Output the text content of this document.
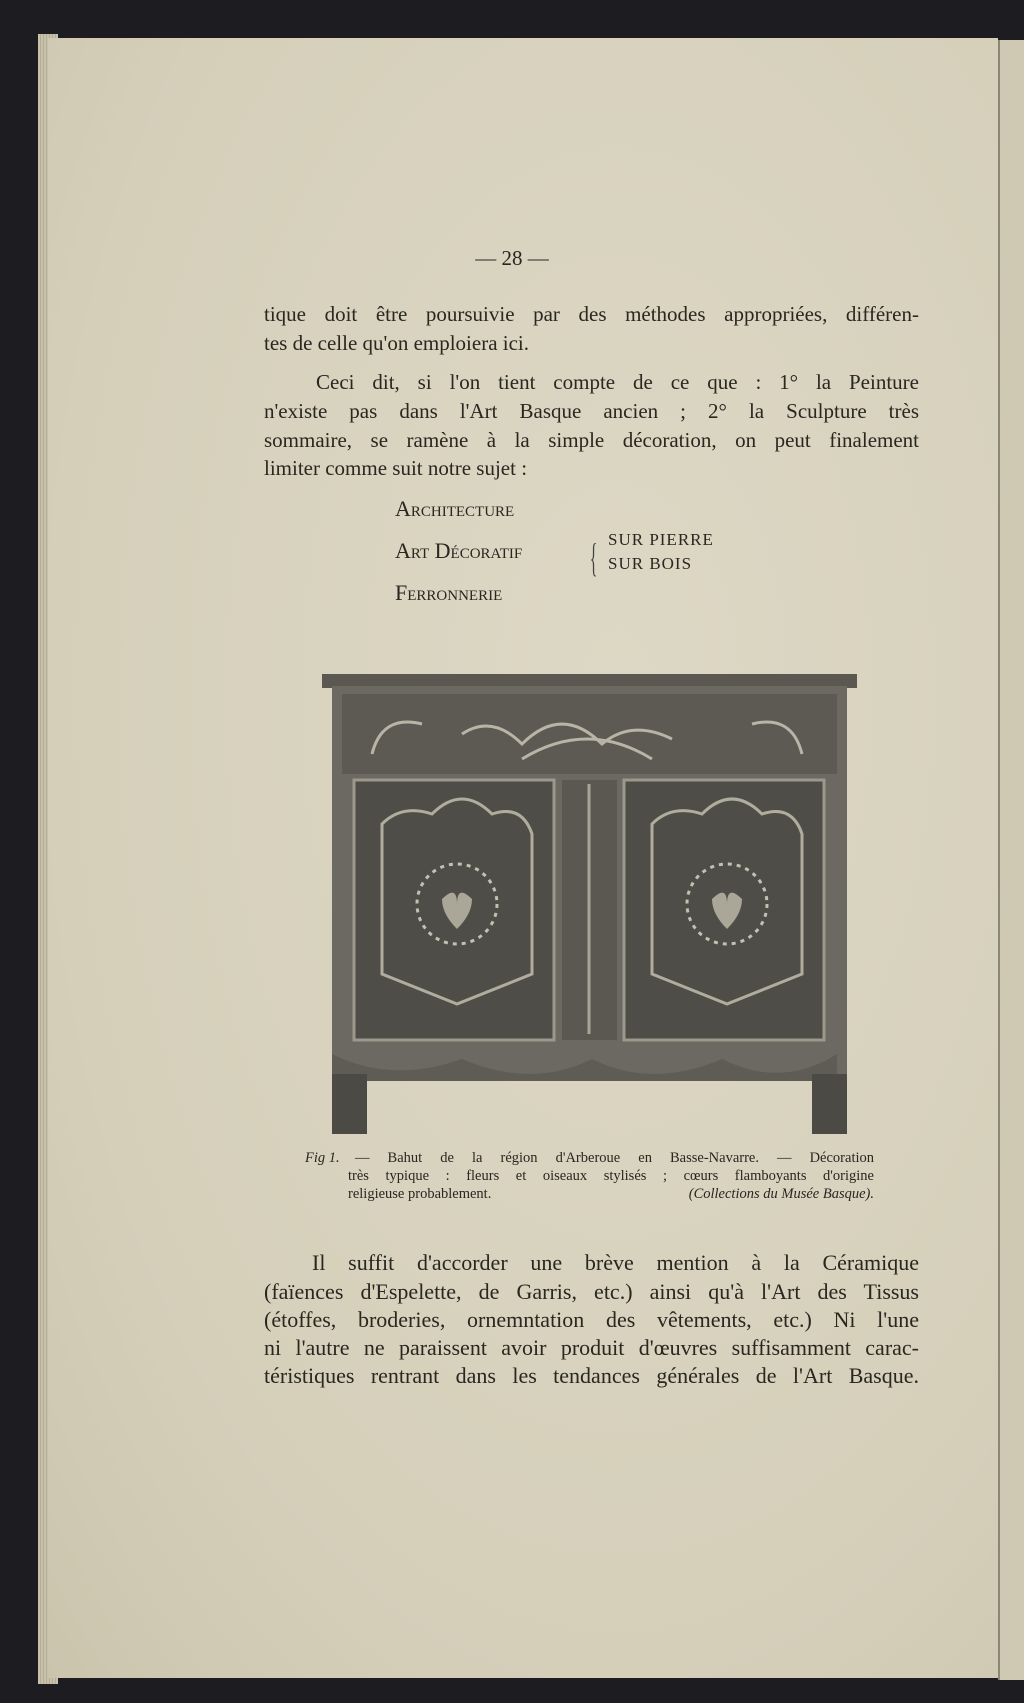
— 28 —
tique doit être poursuivie par des méthodes appropriées, différen-
tes de celle qu'on emploiera ici.
Ceci dit, si l'on tient compte de ce que : 1° la Peinture
n'existe pas dans l'Art Basque ancien ; 2° la Sculpture très
sommaire, se ramène à la simple décoration, on peut finalement
limiter comme suit notre sujet :
Architecture
Art Décoratif { SUR PIERRE
SUR BOIS
Ferronnerie
Fig 1. — Bahut de la région d'Arberoue en Basse-Navarre. — Décoration
très typique : fleurs et oiseaux stylisés ; cœurs flamboyants d'origine
religieuse probablement.	(Collections du Musée Basque).
Il suffit d'accorder une brève mention à la Céramique
(faïences d'Espelette, de Garris, etc.) ainsi qu'à l'Art des Tissus
(étoffes, broderies, ornemntation des vêtements, etc.) Ni l'une
ni l'autre ne paraissent avoir produit d'œuvres suffisamment carac-
téristiques rentrant dans les tendances générales de l'Art Basque.
